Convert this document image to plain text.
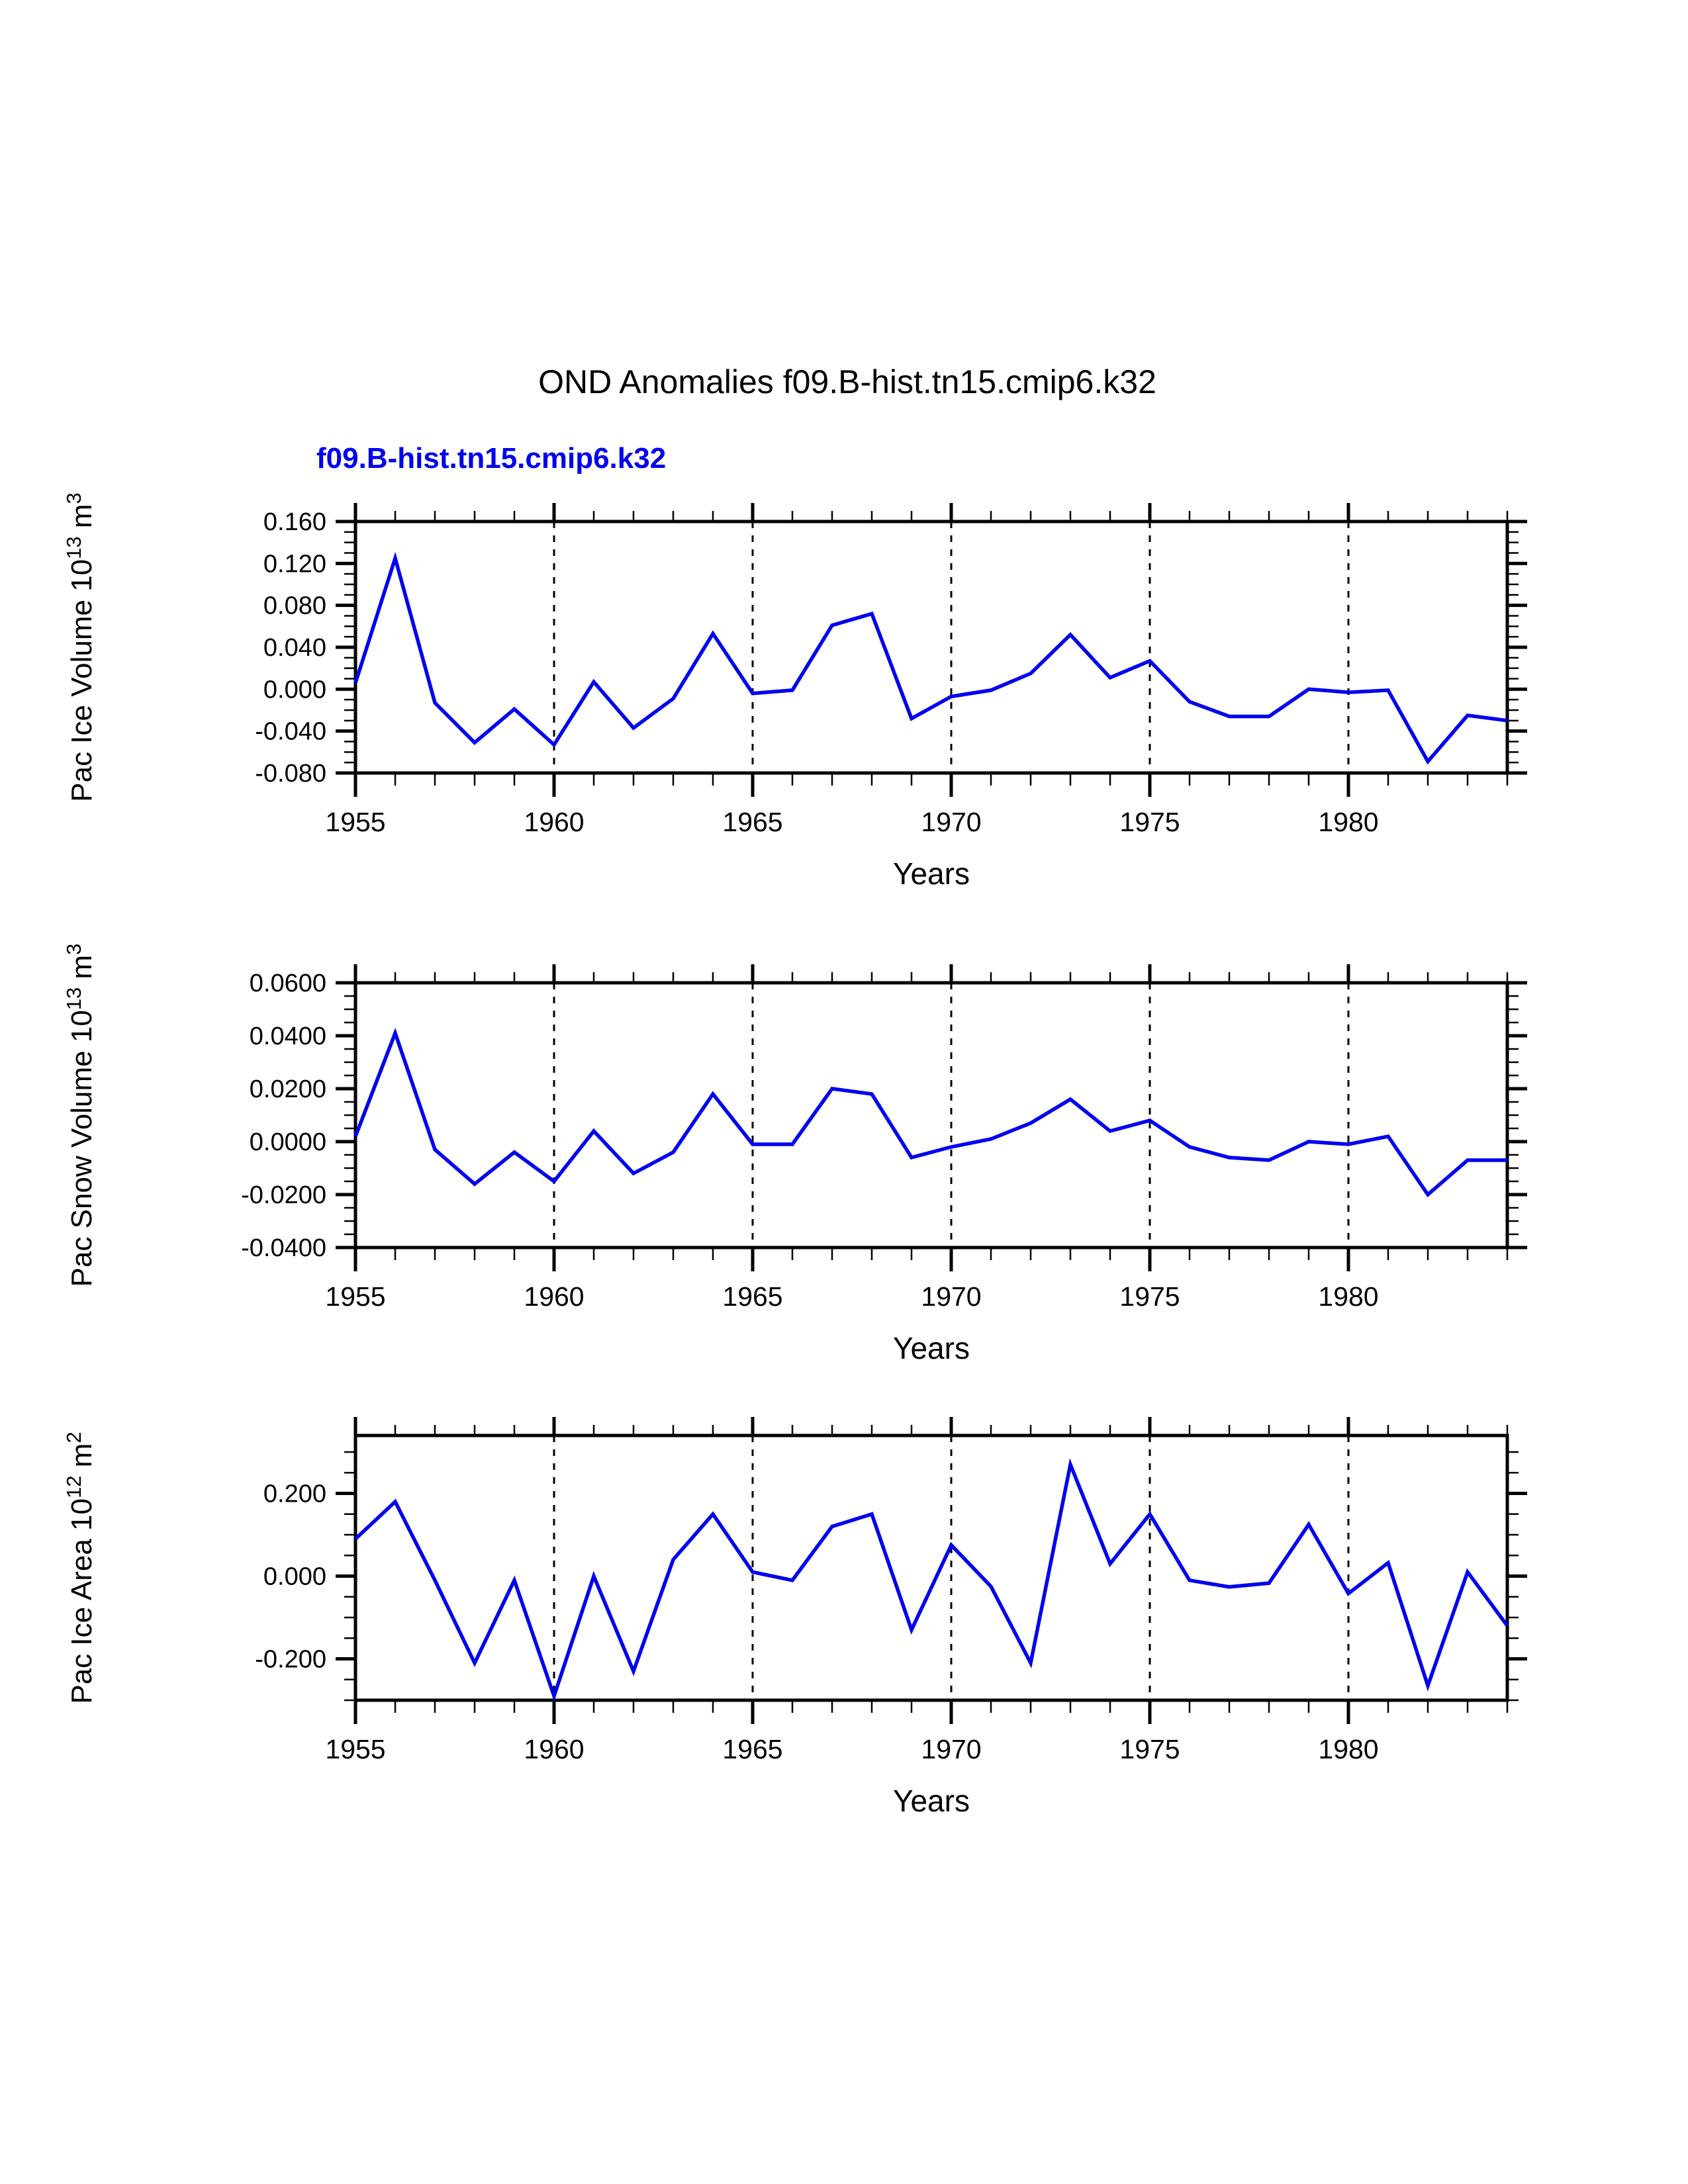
OND Anomalies f09.B-hist.tn15.cmip6.k32
f09.B-hist.tn15.cmip6.k32
0.160
0.120
0.080
0.040
0.000
-0.040
-0.080
1955	1960	1965	1970	1975	1980
Years
Pac Ice Volume $10^{13}$ $m^3$
0.0600
0.0400
0.0200
0.0000
-0.0200
-0.0400
1955	1960	1965	1970	1975	1980
Years
Pac Snow Volume $10^{13}$ $m^3$
0.200
0.000
-0.200
1955	1960	1965	1970	1975	1980
Years
Pac Ice Area $10^{12}$ $m^2$
